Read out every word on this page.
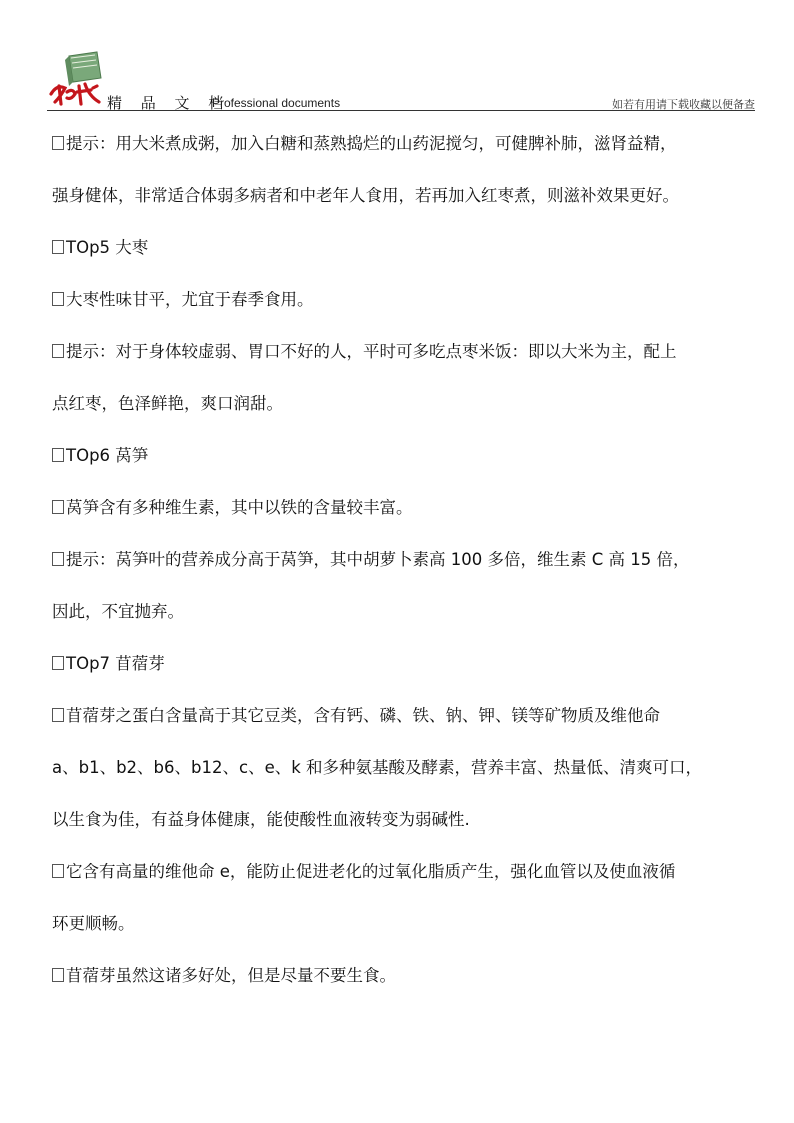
精 品 文 档
Professional documents	如若有用请下载收藏以便备查
提示：用大米煮成粥，加入白糖和蒸熟捣烂的山药泥搅匀，可健脾补肺，滋肾益精，
强身健体，非常适合体弱多病者和中老年人食用，若再加入红枣煮，则滋补效果更好。
TOp5 大枣
大枣性味甘平，尤宜于春季食用。
提示：对于身体较虚弱、胃口不好的人，平时可多吃点枣米饭：即以大米为主，配上
点红枣，色泽鲜艳，爽口润甜。
TOp6 莴笋
莴笋含有多种维生素，其中以铁的含量较丰富。
提示：莴笋叶的营养成分高于莴笋，其中胡萝卜素高 100 多倍，维生素 C 高 15 倍，
因此，不宜抛弃。
TOp7 苜蓿芽
苜蓿芽之蛋白含量高于其它豆类，含有钙、磷、铁、钠、钾、镁等矿物质及维他命
a、b1、b2、b6、b12、c、e、k 和多种氨基酸及酵素，营养丰富、热量低、清爽可口，
以生食为佳，有益身体健康，能使酸性血液转变为弱碱性.
它含有高量的维他命 e，能防止促进老化的过氧化脂质产生，强化血管以及使血液循
环更顺畅。
苜蓿芽虽然这诸多好处，但是尽量不要生食。
